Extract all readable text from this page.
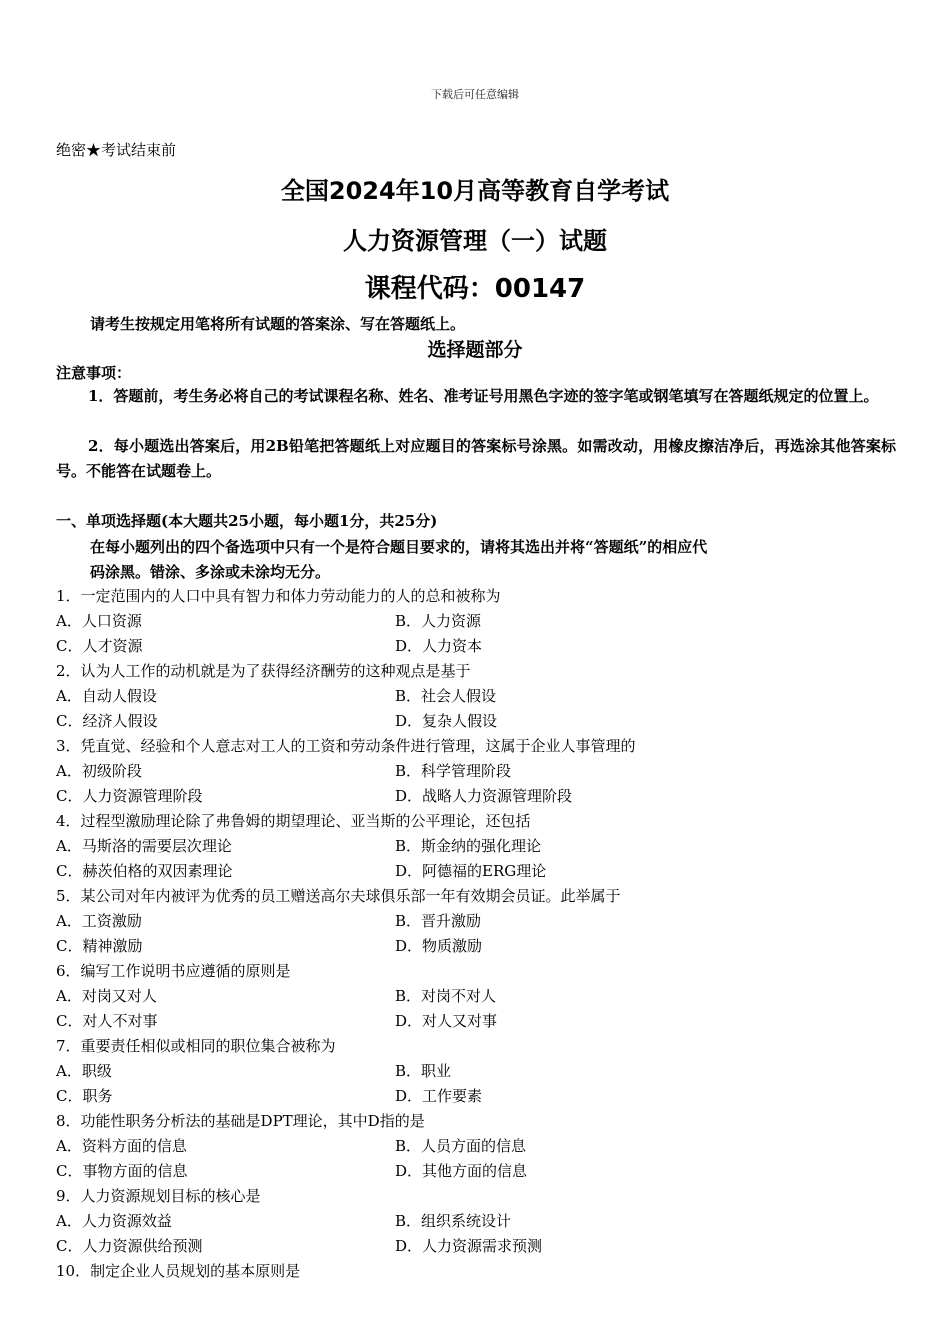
下载后可任意编辑
绝密★考试结束前
全国2024年10月高等教育自学考试
人力资源管理（一）试题
课程代码：00147
请考生按规定用笔将所有试题的答案涂、写在答题纸上。
选择题部分
注意事项：

1．答题前，考生务必将自己的考试课程名称、姓名、准考证号用黑色字迹的签字笔或钢笔填写在答题纸规定的位置上。

2．每小题选出答案后，用2B铅笔把答题纸上对应题目的答案标号涂黑。如需改动，用橡皮擦洁净后，再选涂其他答案标号。不能答在试题卷上。

一、单项选择题(本大题共25小题，每小题1分，共25分)

在每小题列出的四个备选项中只有一个是符合题目要求的，请将其选出并将“答题纸”的相应代码涂黑。错涂、多涂或未涂均无分。

1．一定范围内的人口中具有智力和体力劳动能力的人的总和被称为
A．人口资源	B．人力资源
C．人才资源	D．人力资本
2．认为人工作的动机就是为了获得经济酬劳的这种观点是基于
A．自动人假设	B．社会人假设
C．经济人假设	D．复杂人假设
3．凭直觉、经验和个人意志对工人的工资和劳动条件进行管理，这属于企业人事管理的
A．初级阶段	B．科学管理阶段
C．人力资源管理阶段	D．战略人力资源管理阶段
4．过程型激励理论除了弗鲁姆的期望理论、亚当斯的公平理论，还包括
A．马斯洛的需要层次理论	B．斯金纳的强化理论
C．赫茨伯格的双因素理论	D．阿德福的ERG理论
5．某公司对年内被评为优秀的员工赠送高尔夫球俱乐部一年有效期会员证。此举属于
A．工资激励	B．晋升激励
C．精神激励	D．物质激励
6．编写工作说明书应遵循的原则是
A．对岗又对人	B．对岗不对人
C．对人不对事	D．对人又对事
7．重要责任相似或相同的职位集合被称为
A．职级	B．职业
C．职务	D．工作要素
8．功能性职务分析法的基础是DPT理论，其中D指的是
A．资料方面的信息	B．人员方面的信息
C．事物方面的信息	D．其他方面的信息
9．人力资源规划目标的核心是
A．人力资源效益	B．组织系统设计
C．人力资源供给预测	D．人力资源需求预测
10．制定企业人员规划的基本原则是
